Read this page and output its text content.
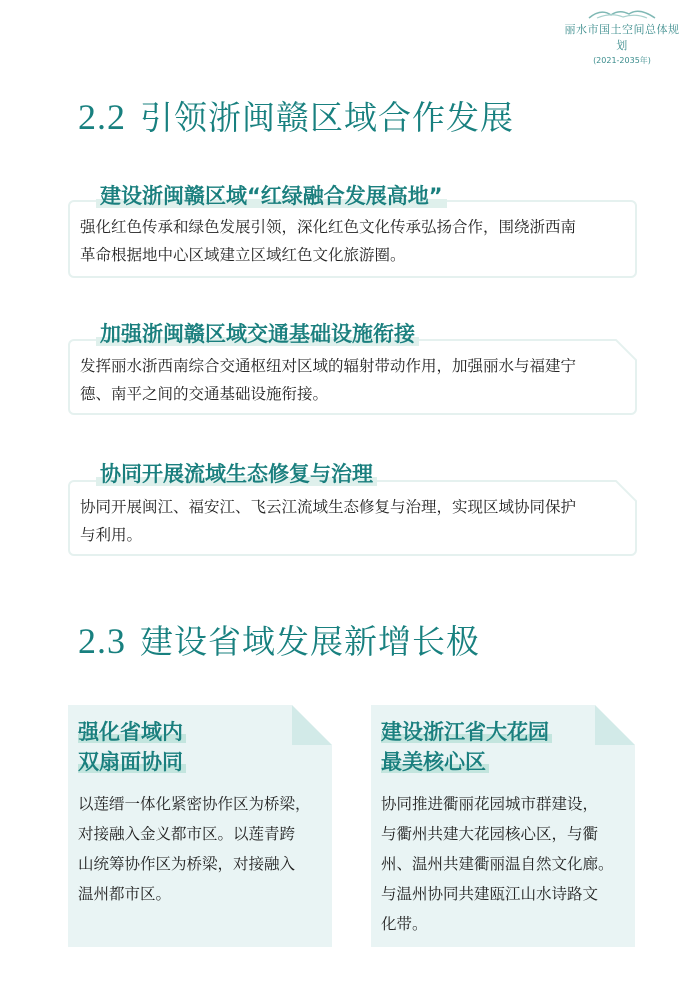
丽水市国土空间总体规划
(2021-2035年)
2.2 引领浙闽赣区域合作发展
强化红色传承和绿色发展引领，深化红色文化传承弘扬合作，围绕浙西南
革命根据地中心区域建立区域红色文化旅游圈。
建设浙闽赣区域“红绿融合发展高地”
发挥丽水浙西南综合交通枢纽对区域的辐射带动作用，加强丽水与福建宁
德、南平之间的交通基础设施衔接。
加强浙闽赣区域交通基础设施衔接
协同开展闽江、福安江、飞云江流域生态修复与治理，实现区域协同保护
与利用。
协同开展流域生态修复与治理
2.3 建设省域发展新增长极
强化省域内
双扇面协同
以莲缙一体化紧密协作区为桥梁，
对接融入金义都市区。以莲青跨
山统筹协作区为桥梁，对接融入
温州都市区。
建设浙江省大花园
最美核心区
协同推进衢丽花园城市群建设，
与衢州共建大花园核心区，与衢
州、温州共建衢丽温自然文化廊。
与温州协同共建瓯江山水诗路文
化带。
